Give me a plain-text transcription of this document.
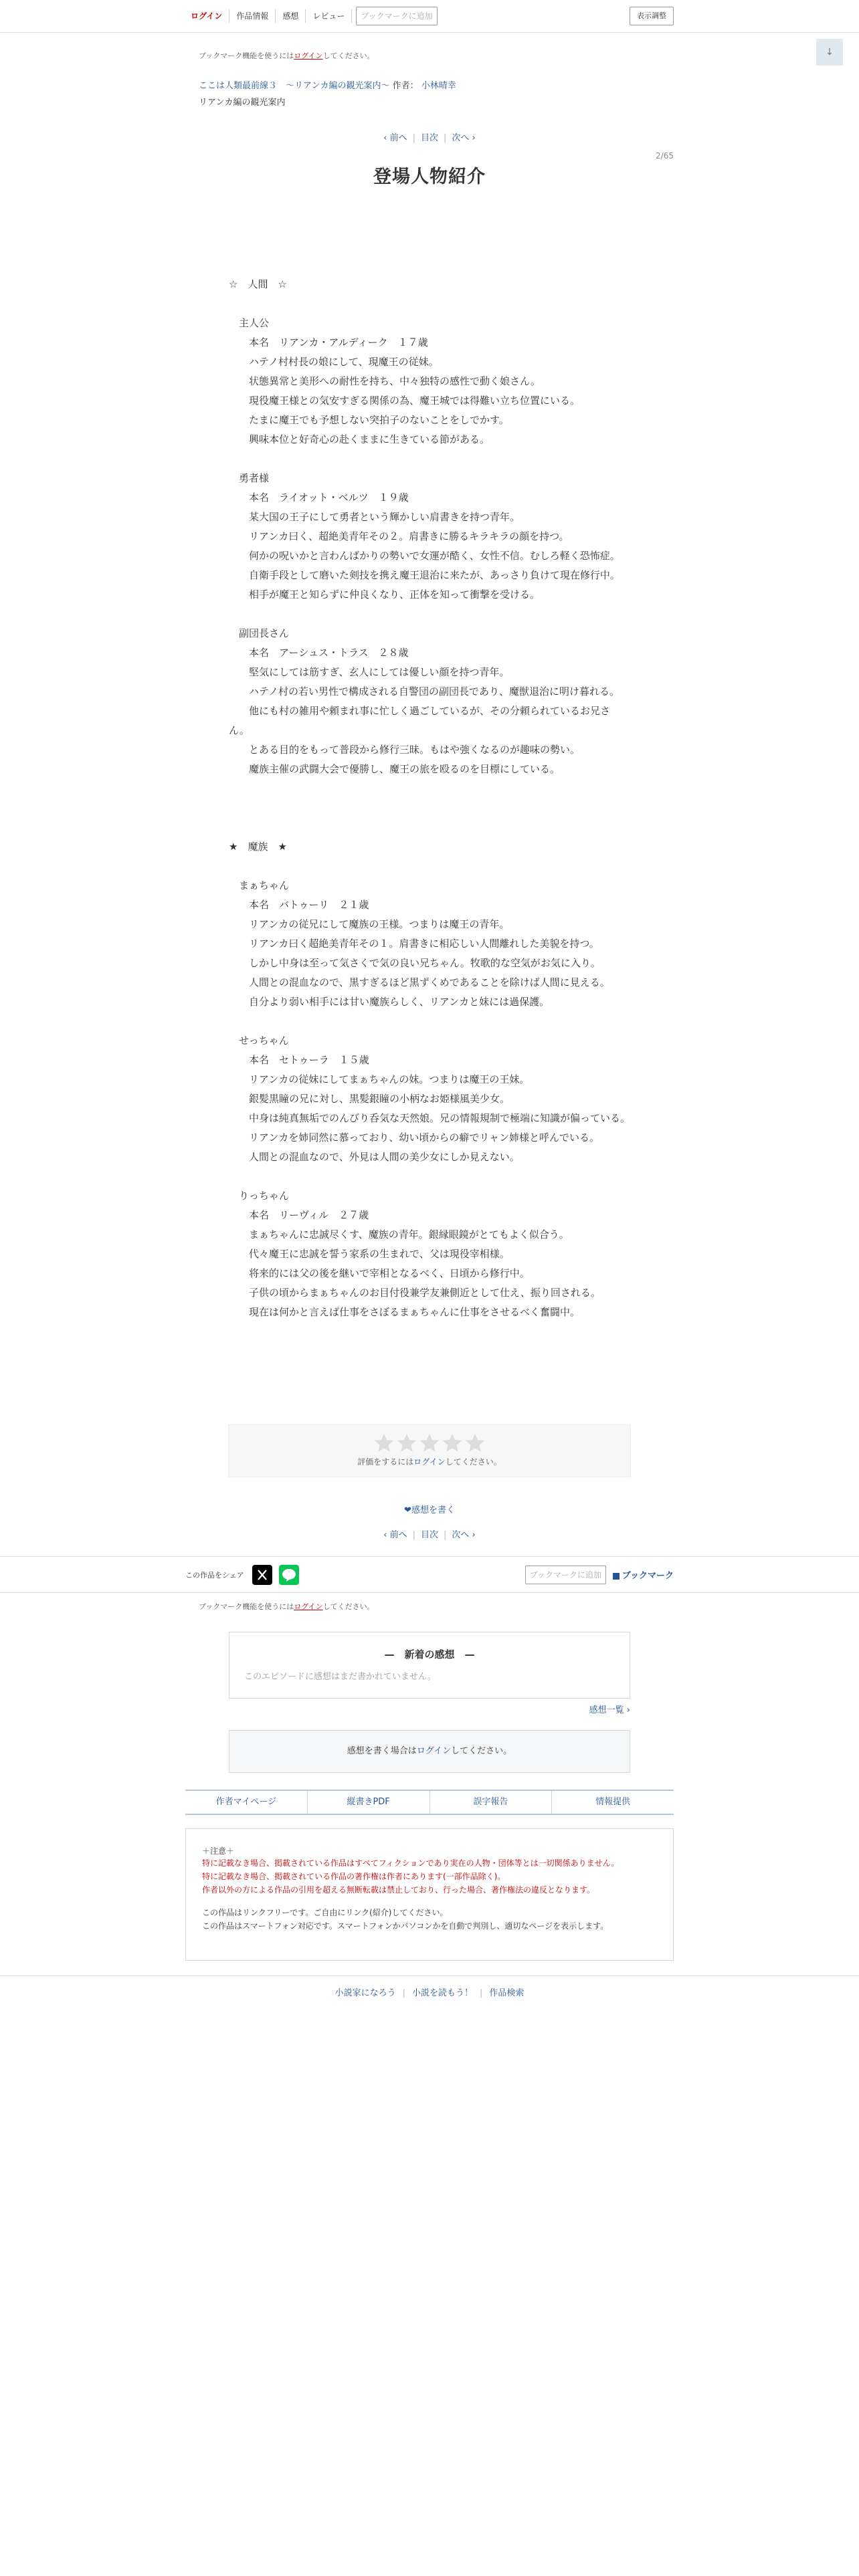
ログイン	作品情報	感想	レビュー	ブックマークに追加	表示調整
↓
ブックマーク機能を使うにはログインしてください。
ここは人類最前線３　〜リアンカ編の観光案内〜 作者： 小林晴幸
リアンカ編の観光案内
‹ 前へ | 目次 | 次へ ›
2/65
登場人物紹介

☆　人間　☆

　主人公

　　本名　リアンカ・アルディーク　１７歳

　　ハテノ村村長の娘にして、現魔王の従妹。

　　状態異常と美形への耐性を持ち、中々独特の感性で動く娘さん。

　　現役魔王様との気安すぎる関係の為、魔王城では得難い立ち位置にいる。

　　たまに魔王でも予想しない突拍子のないことをしでかす。

　　興味本位と好奇心の赴くままに生きている節がある。

　勇者様

　　本名　ライオット・ベルツ　１９歳

　　某大国の王子にして勇者という輝かしい肩書きを持つ青年。

　　リアンカ曰く、超絶美青年その２。肩書きに勝るキラキラの顔を持つ。

　　何かの呪いかと言わんばかりの勢いで女運が酷く、女性不信。むしろ軽く恐怖症。

　　自衛手段として磨いた剣技を携え魔王退治に来たが、あっさり負けて現在修行中。

　　相手が魔王と知らずに仲良くなり、正体を知って衝撃を受ける。

　副団長さん

　　本名　アーシュス・トラス　２８歳

　　堅気にしては筋すぎ、玄人にしては優しい顔を持つ青年。

　　ハテノ村の若い男性で構成される自警団の副団長であり、魔獣退治に明け暮れる。

　　他にも村の雑用や頼まれ事に忙しく過ごしているが、その分頼られているお兄さん。

　　とある目的をもって普段から修行三昧。もはや強くなるのが趣味の勢い。

　　魔族主催の武闘大会で優勝し、魔王の旅を殴るのを目標にしている。

★　魔族　★

　まぁちゃん

　　本名　バトゥーリ　２１歳

　　リアンカの従兄にして魔族の王様。つまりは魔王の青年。

　　リアンカ曰く超絶美青年その１。肩書きに相応しい人間離れした美貌を持つ。

　　しかし中身は至って気さくで気の良い兄ちゃん。牧歌的な空気がお気に入り。

　　人間との混血なので、黒すぎるほど黒ずくめであることを除けば人間に見える。

　　自分より弱い相手には甘い魔族らしく、リアンカと妹には過保護。

　せっちゃん

　　本名　セトゥーラ　１５歳

　　リアンカの従妹にしてまぁちゃんの妹。つまりは魔王の王妹。

　　銀髪黒瞳の兄に対し、黒髪銀瞳の小柄なお姫様風美少女。

　　中身は純真無垢でのんびり呑気な天然娘。兄の情報規制で極端に知識が偏っている。

　　リアンカを姉同然に慕っており、幼い頃からの癖でリャン姉様と呼んでいる。

　　人間との混血なので、外見は人間の美少女にしか見えない。

　りっちゃん

　　本名　リーヴィル　２７歳

　　まぁちゃんに忠誠尽くす、魔族の青年。銀縁眼鏡がとてもよく似合う。

　　代々魔王に忠誠を誓う家系の生まれで、父は現役宰相様。

　　将来的には父の後を継いで宰相となるべく、日頃から修行中。

　　子供の頃からまぁちゃんのお目付役兼学友兼側近として仕え、振り回される。

　　現在は何かと言えば仕事をさぼるまぁちゃんに仕事をさせるべく奮闘中。

評価をするにはログインしてください。
❤感想を書く
‹ 前へ | 目次 | 次へ ›
この作品をシェア	ブックマークに追加	ブックマーク
ブックマーク機能を使うにはログインしてください。
—　新着の感想　—
このエピソードに感想はまだ書かれていません。
感想一覧 ›
感想を書く場合はログインしてください。
作者マイページ	縦書きPDF	誤字報告	情報提供
＋注意＋
特に記載なき場合、掲載されている作品はすべてフィクションであり実在の人物・団体等とは一切関係ありません。
特に記載なき場合、掲載されている作品の著作権は作者にあります(一部作品除く)。
作者以外の方による作品の引用を超える無断転載は禁止しており、行った場合、著作権法の違反となります。
この作品はリンクフリーです。ご自由にリンク(紹介)してください。
この作品はスマートフォン対応です。スマートフォンかパソコンかを自動で判別し、適切なページを表示します。
小説家になろう | 小説を読もう！ | 作品検索
